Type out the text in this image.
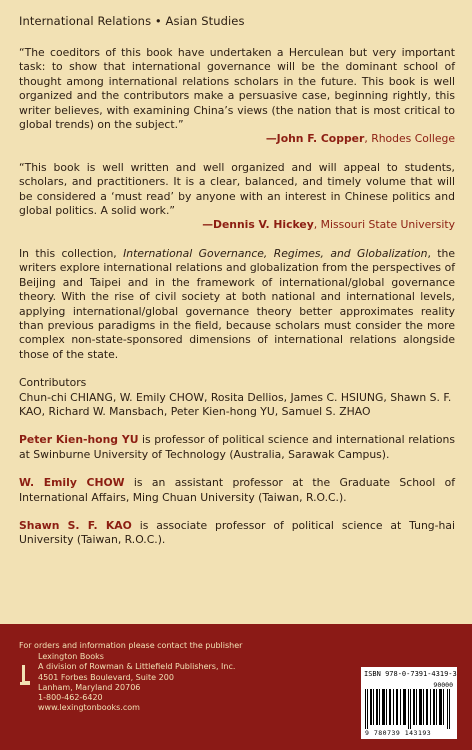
International Relations • Asian Studies

“The coeditors of this book have undertaken a Herculean but very important task: to show that international governance will be the dominant school of thought among international relations scholars in the future. This book is well organized and the contributors make a persuasive case, beginning rightly, this writer believes, with examining China’s views (the nation that is most critical to global trends) on the subject.”

—John F. Copper, Rhodes College

“This book is well written and well organized and will appeal to students, scholars, and practitioners. It is a clear, balanced, and timely volume that will be considered a ‘must read’ by anyone with an interest in Chinese politics and global politics. A solid work.”

—Dennis V. Hickey, Missouri State University

In this collection, International Governance, Regimes, and Globalization, the writers explore international relations and globalization from the perspectives of Beijing and Taipei and in the framework of international/global governance theory. With the rise of civil society at both national and international levels, applying international/global governance theory better approximates reality than previous paradigms in the field, because scholars must consider the more complex non-state-sponsored dimensions of international relations alongside those of the state.

Contributors

Chun-chi CHIANG, W. Emily CHOW, Rosita Dellios, James C. HSIUNG, Shawn S. F. KAO, Richard W. Mansbach, Peter Kien-hong YU, Samuel S. ZHAO

Peter Kien-hong YU is professor of political science and international relations at Swinburne University of Technology (Australia, Sarawak Campus).

W. Emily CHOW is an assistant professor at the Graduate School of International Affairs, Ming Chuan University (Taiwan, R.O.C.).

Shawn S. F. KAO is associate professor of political science at Tung-hai University (Taiwan, R.O.C.).

For orders and information please contact the publisher
Lexington Books
A division of Rowman & Littlefield Publishers, Inc.
4501 Forbes Boulevard, Suite 200
Lanham, Maryland 20706
1-800-462-6420
www.lexingtonbooks.com
ISBN 978-0-7391-4319-3
90000
9 780739 143193
